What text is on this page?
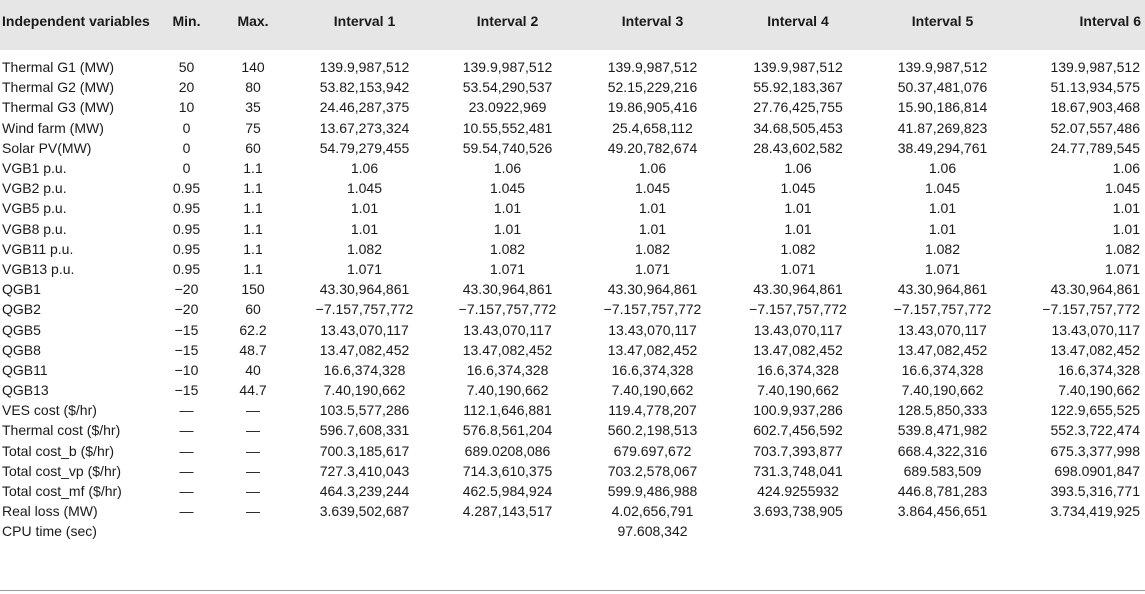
Independent variables	Min.	Max.	Interval 1	Interval 2	Interval 3	Interval 4	Interval 5	Interval 6

Thermal G1 (MW)	50	140	139.9,987,512	139.9,987,512	139.9,987,512	139.9,987,512	139.9,987,512	139.9,987,512
Thermal G2 (MW)	20	80	53.82,153,942	53.54,290,537	52.15,229,216	55.92,183,367	50.37,481,076	51.13,934,575
Thermal G3 (MW)	10	35	24.46,287,375	23.0922,969	19.86,905,416	27.76,425,755	15.90,186,814	18.67,903,468
Wind farm (MW)	0	75	13.67,273,324	10.55,552,481	25.4,658,112	34.68,505,453	41.87,269,823	52.07,557,486
Solar PV(MW)	0	60	54.79,279,455	59.54,740,526	49.20,782,674	28.43,602,582	38.49,294,761	24.77,789,545
VGB1 p.u.	0	1.1	1.06	1.06	1.06	1.06	1.06	1.06
VGB2 p.u.	0.95	1.1	1.045	1.045	1.045	1.045	1.045	1.045
VGB5 p.u.	0.95	1.1	1.01	1.01	1.01	1.01	1.01	1.01
VGB8 p.u.	0.95	1.1	1.01	1.01	1.01	1.01	1.01	1.01
VGB11 p.u.	0.95	1.1	1.082	1.082	1.082	1.082	1.082	1.082
VGB13 p.u.	0.95	1.1	1.071	1.071	1.071	1.071	1.071	1.071
QGB1	−20	150	43.30,964,861	43.30,964,861	43.30,964,861	43.30,964,861	43.30,964,861	43.30,964,861
QGB2	−20	60	−7.157,757,772	−7.157,757,772	−7.157,757,772	−7.157,757,772	−7.157,757,772	−7.157,757,772
QGB5	−15	62.2	13.43,070,117	13.43,070,117	13.43,070,117	13.43,070,117	13.43,070,117	13.43,070,117
QGB8	−15	48.7	13.47,082,452	13.47,082,452	13.47,082,452	13.47,082,452	13.47,082,452	13.47,082,452
QGB11	−10	40	16.6,374,328	16.6,374,328	16.6,374,328	16.6,374,328	16.6,374,328	16.6,374,328
QGB13	−15	44.7	7.40,190,662	7.40,190,662	7.40,190,662	7.40,190,662	7.40,190,662	7.40,190,662
VES cost ($/hr)	—	—	103.5,577,286	112.1,646,881	119.4,778,207	100.9,937,286	128.5,850,333	122.9,655,525
Thermal cost ($/hr)	—	—	596.7,608,331	576.8,561,204	560.2,198,513	602.7,456,592	539.8,471,982	552.3,722,474
Total cost_b ($/hr)	—	—	700.3,185,617	689.0208,086	679.697,672	703.7,393,877	668.4,322,316	675.3,377,998
Total cost_vp ($/hr)	—	—	727.3,410,043	714.3,610,375	703.2,578,067	731.3,748,041	689.583,509	698.0901,847
Total cost_mf ($/hr)	—	—	464.3,239,244	462.5,984,924	599.9,486,988	424.9255932	446.8,781,283	393.5,316,771
Real loss (MW)	—	—	3.639,502,687	4.287,143,517	4.02,656,791	3.693,738,905	3.864,456,651	3.734,419,925
CPU time (sec)					97.608,342			
